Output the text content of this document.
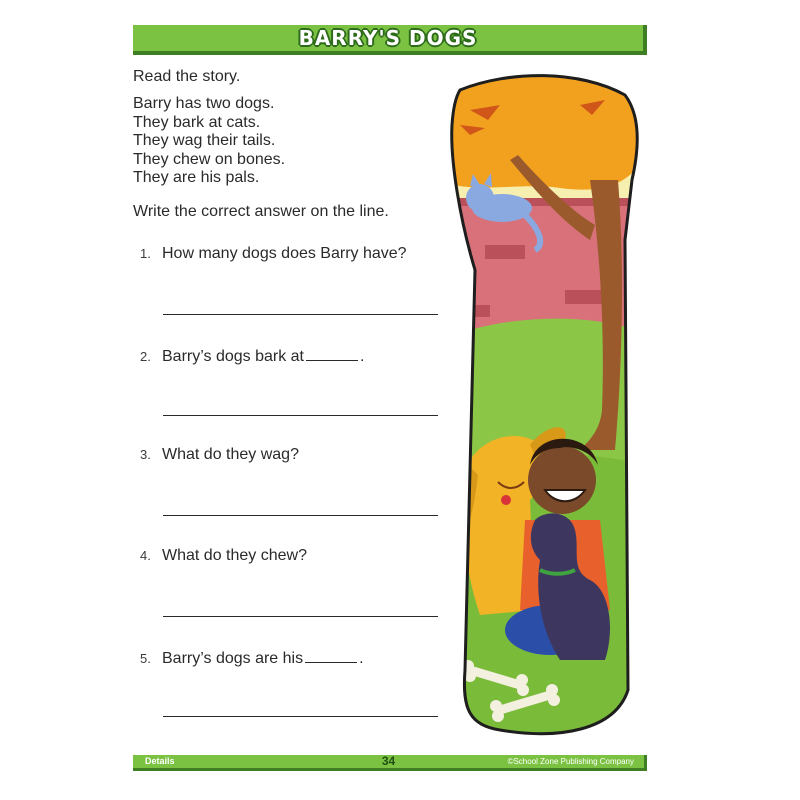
BARRY'S DOGS
Read the story.
Barry has two dogs.
They bark at cats.
They wag their tails.
They chew on bones.
They are his pals.
Write the correct answer on the line.
1. How many dogs does Barry have?
2. Barry’s dogs bark at	.
3. What do they wag?
4. What do they chew?
5. Barry’s dogs are his	.
Details	34	©School Zone Publishing Company
